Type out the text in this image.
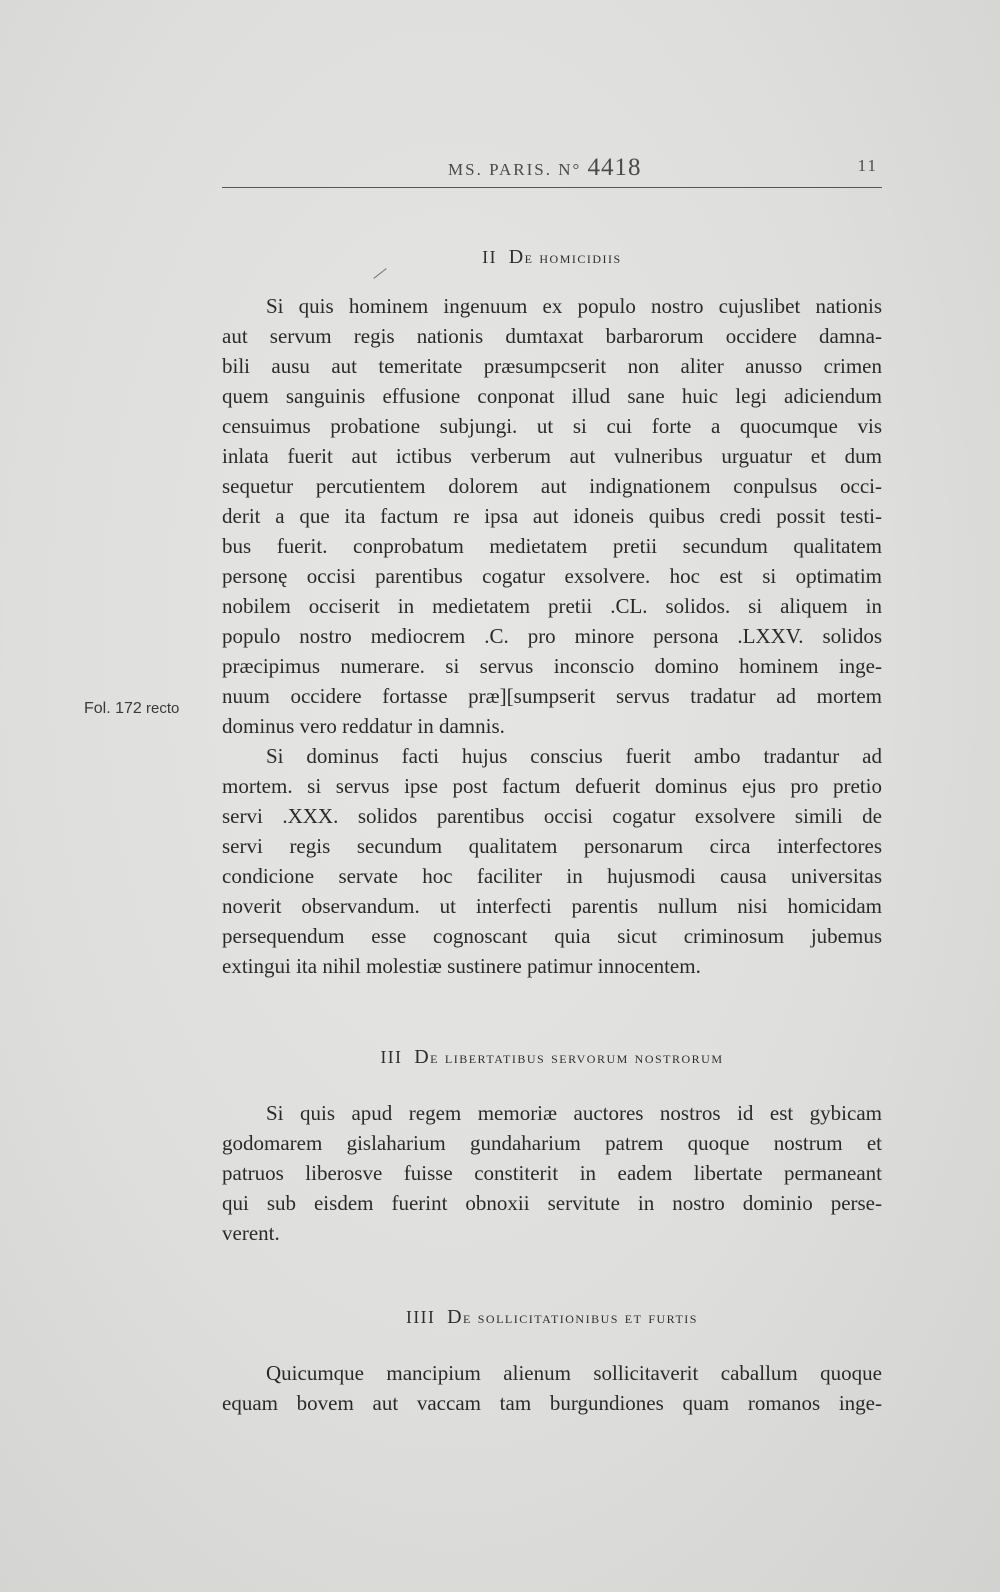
MS. PARIS. N° 4418	11
II De homicidiis
Si quis hominem ingenuum ex populo nostro cujuslibet nationis
aut servum regis nationis dumtaxat barbarorum occidere damna-
bili ausu aut temeritate præsumpcserit non aliter anusso crimen
quem sanguinis effusione conponat illud sane huic legi adiciendum
censuimus probatione subjungi. ut si cui forte a quocumque vis
inlata fuerit aut ictibus verberum aut vulneribus urguatur et dum
sequetur percutientem dolorem aut indignationem conpulsus occi-
derit a que ita factum re ipsa aut idoneis quibus credi possit testi-
bus fuerit. conprobatum medietatem pretii secundum qualitatem
personę occisi parentibus cogatur exsolvere. hoc est si optimatim
nobilem occiserit in medietatem pretii .CL. solidos. si aliquem in
populo nostro mediocrem .C. pro minore persona .LXXV. solidos
præcipimus numerare. si servus inconscio domino hominem inge-
nuum occidere fortasse præ][sumpserit servus tradatur ad mortem
dominus vero reddatur in damnis.
Si dominus facti hujus conscius fuerit ambo tradantur ad
mortem. si servus ipse post factum defuerit dominus ejus pro pretio
servi .XXX. solidos parentibus occisi cogatur exsolvere simili de
servi regis secundum qualitatem personarum circa interfectores
condicione servate hoc faciliter in hujusmodi causa universitas
noverit observandum. ut interfecti parentis nullum nisi homicidam
persequendum esse cognoscant quia sicut criminosum jubemus
extingui ita nihil molestiæ sustinere patimur innocentem.
Fol. 172 recto
III De libertatibus servorum nostrorum
Si quis apud regem memoriæ auctores nostros id est gybicam
godomarem gislaharium gundaharium patrem quoque nostrum et
patruos liberosve fuisse constiterit in eadem libertate permaneant
qui sub eisdem fuerint obnoxii servitute in nostro dominio perse-
verent.
IIII De sollicitationibus et furtis
Quicumque mancipium alienum sollicitaverit caballum quoque
equam bovem aut vaccam tam burgundiones quam romanos inge-
